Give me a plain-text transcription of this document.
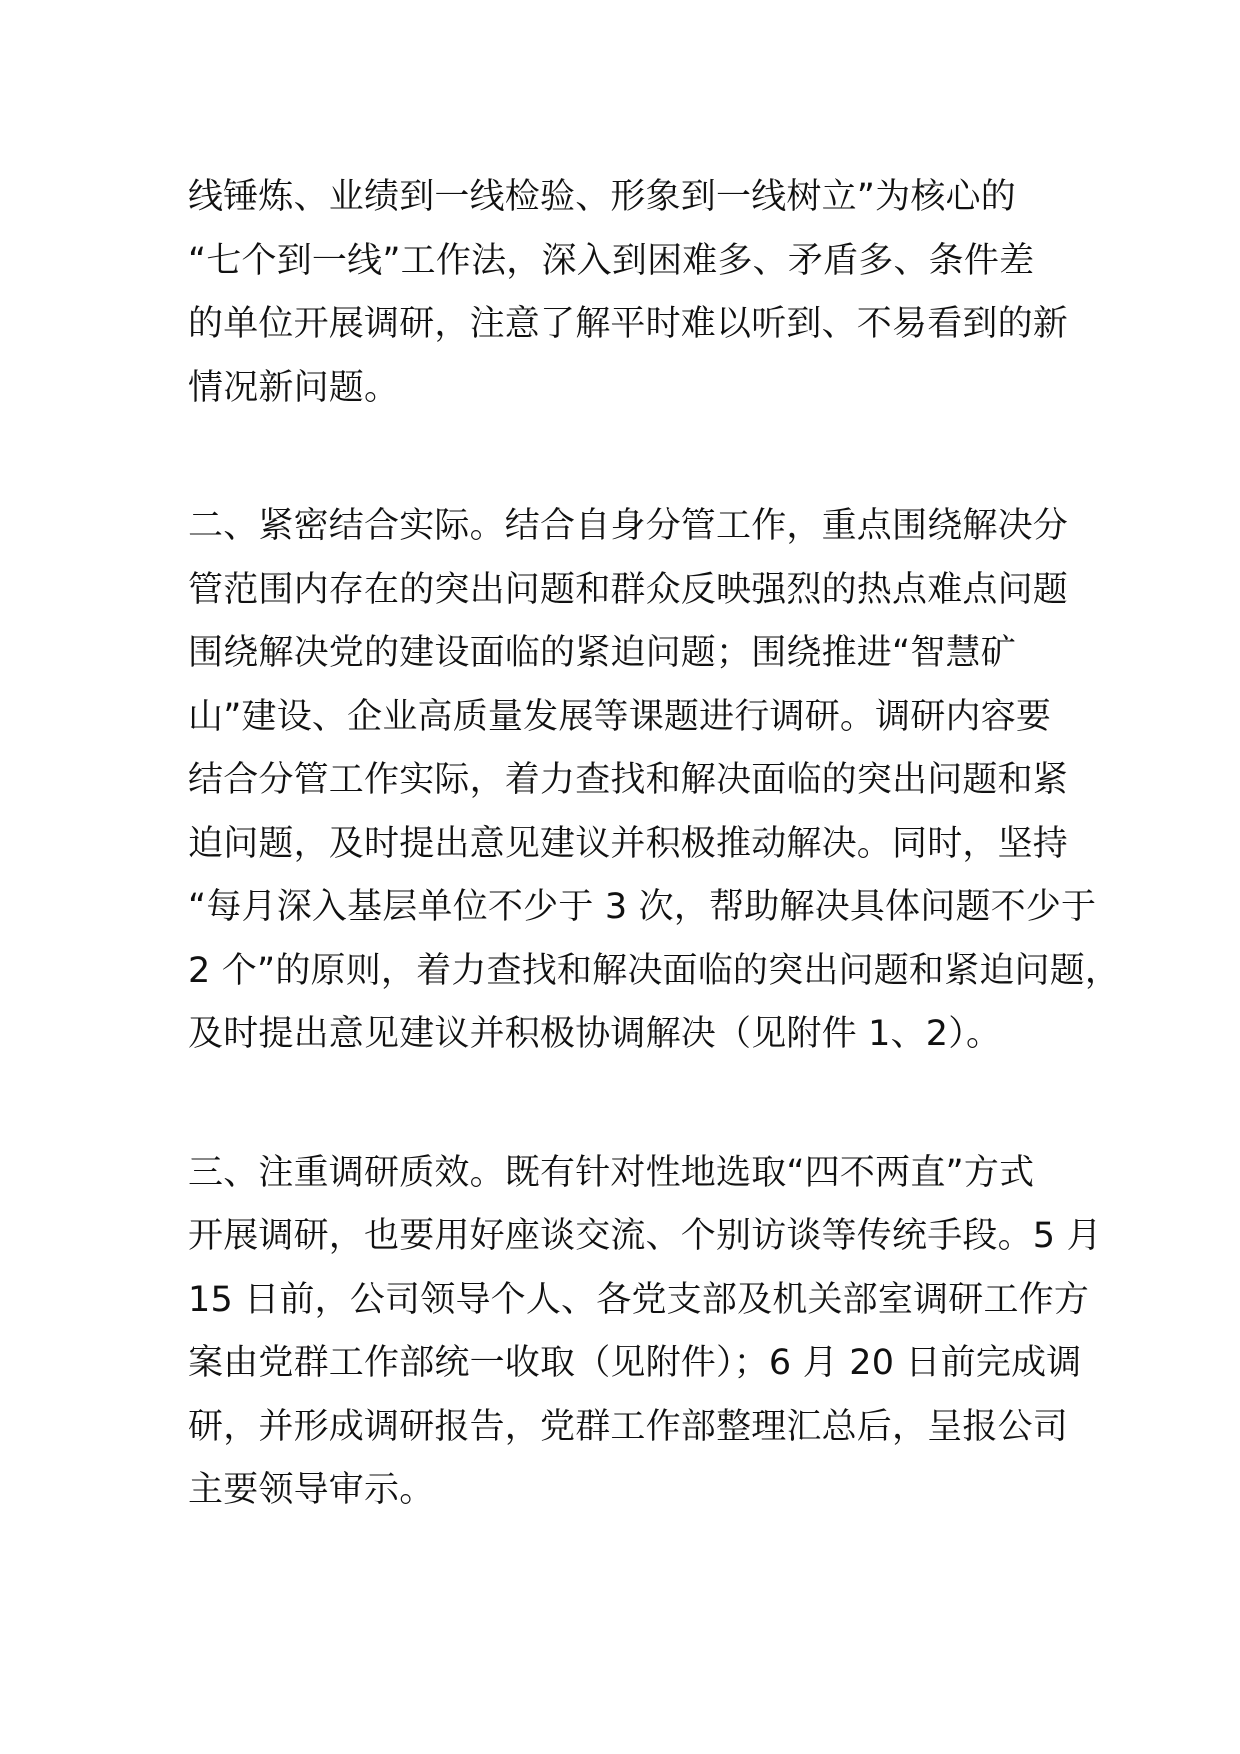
线锤炼、业绩到一线检验、形象到一线树立”为核心的
“七个到一线”工作法，深入到困难多、矛盾多、条件差
的单位开展调研，注意了解平时难以听到、不易看到的新
情况新问题。

二、紧密结合实际。结合自身分管工作，重点围绕解决分
管范围内存在的突出问题和群众反映强烈的热点难点问题
围绕解决党的建设面临的紧迫问题；围绕推进“智慧矿
山”建设、企业高质量发展等课题进行调研。调研内容要
结合分管工作实际，着力查找和解决面临的突出问题和紧
迫问题，及时提出意见建议并积极推动解决。同时，坚持
“每月深入基层单位不少于 3 次，帮助解决具体问题不少于
2 个”的原则，着力查找和解决面临的突出问题和紧迫问题，
及时提出意见建议并积极协调解决（见附件 1、2）。

三、注重调研质效。既有针对性地选取“四不两直”方式
开展调研，也要用好座谈交流、个别访谈等传统手段。5 月
15 日前，公司领导个人、各党支部及机关部室调研工作方
案由党群工作部统一收取（见附件）；6 月 20 日前完成调
研，并形成调研报告，党群工作部整理汇总后，呈报公司
主要领导审示。
